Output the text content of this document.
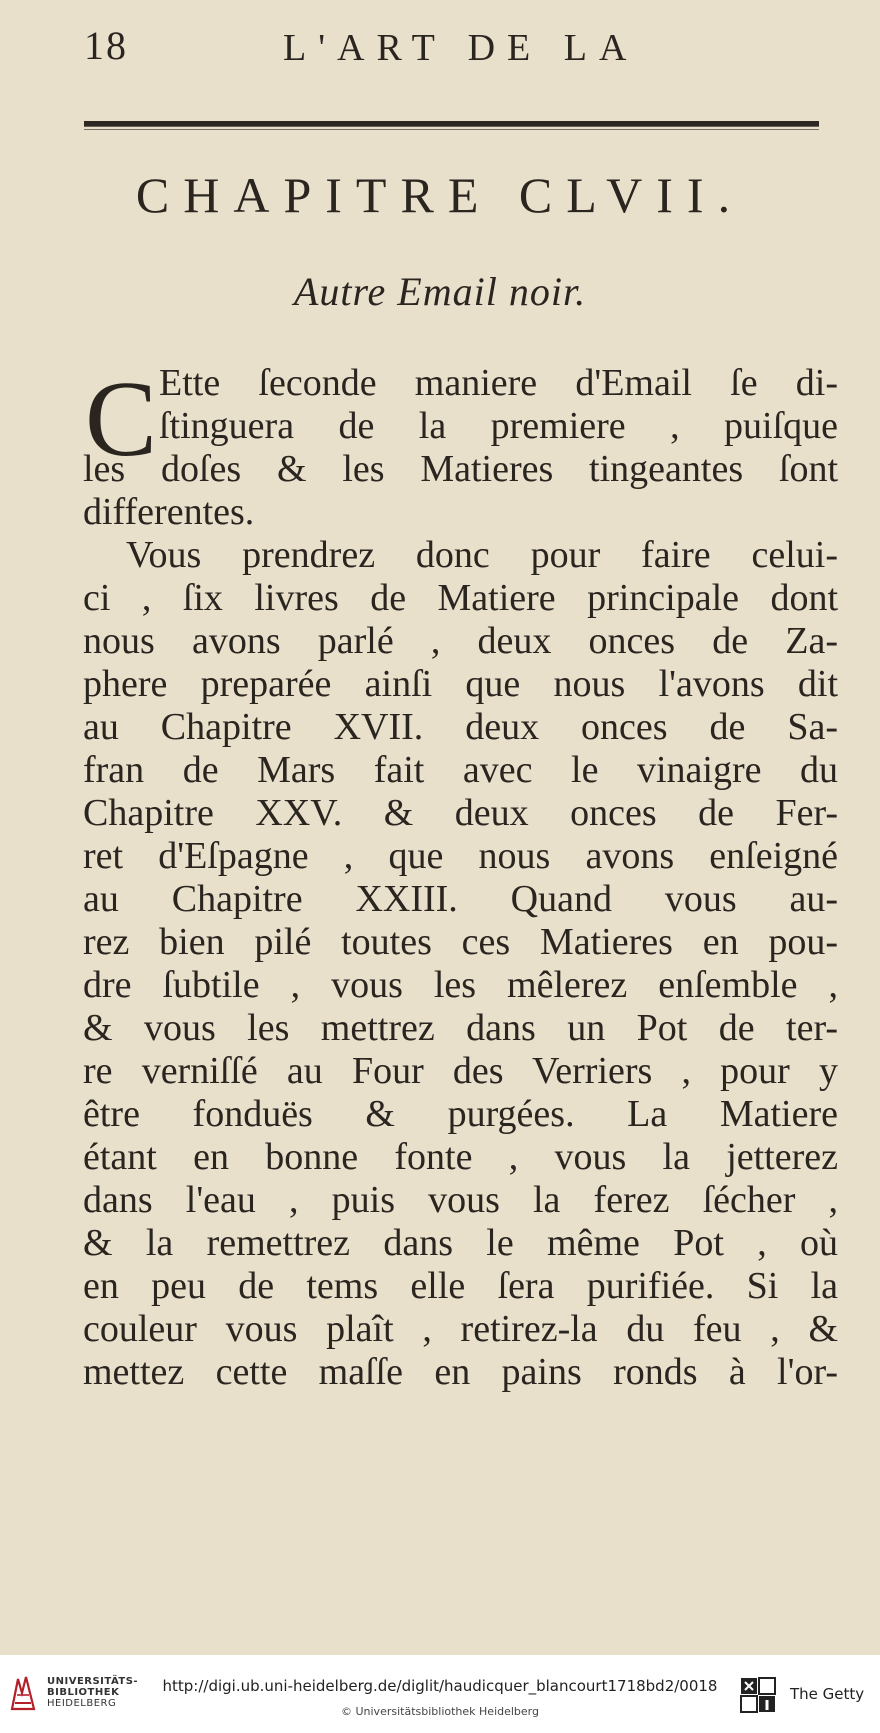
18	L'ART DE LA
CHAPITRE CLVII.
Autre Email noir.
C Ette ſeconde maniere d'Email ſe di-
ſtinguera de la premiere , puiſque
les doſes & les Matieres tingeantes ſont
differentes.
Vous prendrez donc pour faire celui-
ci , ſix livres de Matiere principale dont
nous avons parlé , deux onces de Za-
phere preparée ainſi que nous l'avons dit
au Chapitre XVII. deux onces de Sa-
fran de Mars fait avec le vinaigre du
Chapitre XXV. & deux onces de Fer-
ret d'Eſpagne , que nous avons enſeigné
au Chapitre XXIII. Quand vous au-
rez bien pilé toutes ces Matieres en pou-
dre ſubtile , vous les mêlerez enſemble ,
& vous les mettrez dans un Pot de ter-
re verniſſé au Four des Verriers , pour y
être fonduës & purgées. La Matiere
étant en bonne fonte , vous la jetterez
dans l'eau , puis vous la ferez ſécher ,
& la remettrez dans le même Pot , où
en peu de tems elle ſera purifiée. Si la
couleur vous plaît , retirez-la du feu , &
mettez cette maſſe en pains ronds à l'or-
UNIVERSITÄTS-
BIBLIOTHEK
HEIDELBERG
http://digi.ub.uni-heidelberg.de/diglit/haudicquer_blancourt1718bd2/0018
© Universitätsbibliothek Heidelberg
The Getty
